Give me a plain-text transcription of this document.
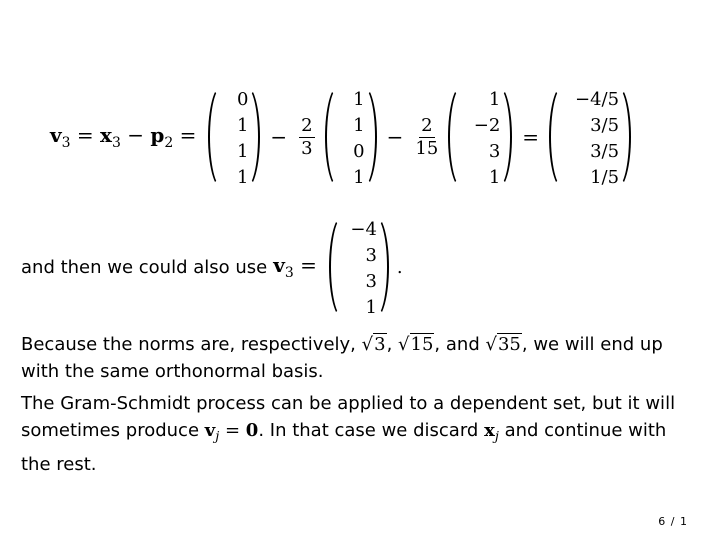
$v_3 = x_3 - p_2$ =
0
1
1
1
− $\frac{2}{3}$
1
1
0
1
− $\frac{2}{15}$
1
−2
3
1
=
−4/5
3/5
3/5
1/5
and then we could also use $v_3$ =
−4
3
3
1
.
Because the norms are, respectively, √3, √15, and √35, we will end up with the same orthonormal basis.
The Gram-Schmidt process can be applied to a dependent set, but it will sometimes produce $v_j = 0$. In that case we discard $x_j$ and continue with the rest.
6 / 1
